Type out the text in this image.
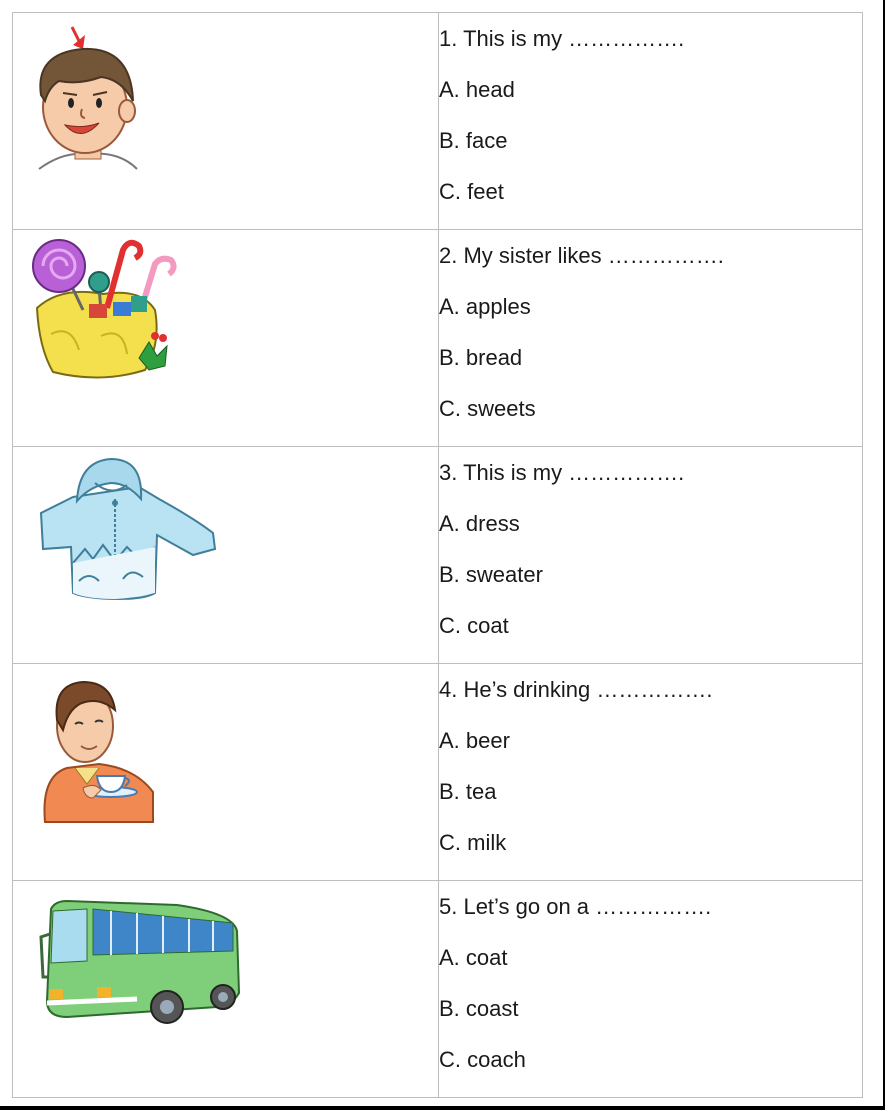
1. This is my …………….
A. head
B. face
C. feet

2. My sister likes …………….
A. apples
B. bread
C. sweets

3. This is my …………….
A. dress
B. sweater
C. coat

4. He’s drinking …………….
A. beer
B. tea
C. milk

5. Let’s go on a …………….
A. coat
B. coast
C. coach
